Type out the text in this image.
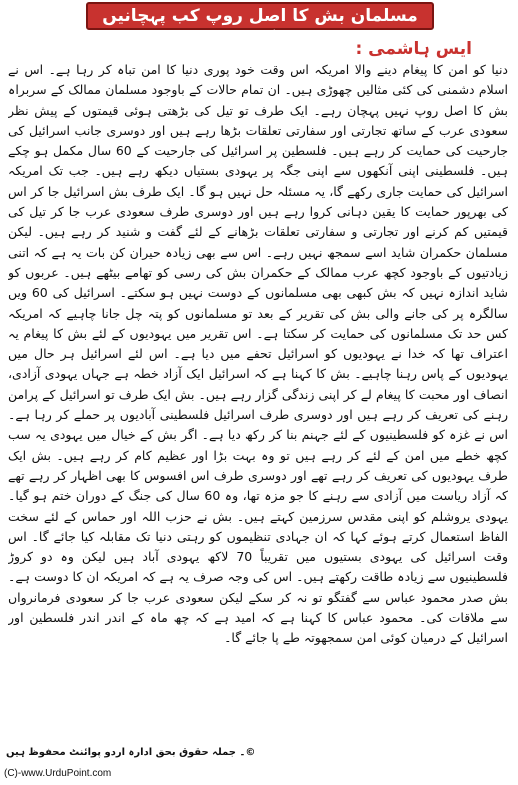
مسلمان بش کا اصل روپ کب پہچانیں گے؟	ایس ہاشمی :

دنیا کو امن کا پیغام دینے والا امریکہ اس وقت خود پوری دنیا کا امن تباہ کر رہا ہے۔ اس نے اسلام دشمنی کی کئی مثالیں چھوڑی ہیں۔ ان تمام حالات کے باوجود مسلمان ممالک کے سربراہ بش کا اصل روپ نہیں پہچان رہے۔ ایک طرف تو تیل کی بڑھتی ہوئی قیمتوں کے پیش نظر سعودی عرب کے ساتھ تجارتی اور سفارتی تعلقات بڑھا رہے ہیں اور دوسری جانب اسرائیل کی جارحیت کی حمایت کر رہے ہیں۔ فلسطین پر اسرائیل کی جارحیت کے 60 سال مکمل ہو چکے ہیں۔ فلسطینی اپنی آنکھوں سے اپنی جگہ پر یہودی بستیاں دیکھ رہے ہیں۔ جب تک امریکہ اسرائیل کی حمایت جاری رکھے گا، یہ مسئلہ حل نہیں ہو گا۔ ایک طرف بش اسرائیل جا کر اس کی بھرپور حمایت کا یقین دہانی کروا رہے ہیں اور دوسری طرف سعودی عرب جا کر تیل کی قیمتیں کم کرنے اور تجارتی و سفارتی تعلقات بڑھانے کے لئے گفت و شنید کر رہے ہیں۔ لیکن مسلمان حکمران شاید اسے سمجھ نہیں رہے۔ اس سے بھی زیادہ حیران کن بات یہ ہے کہ اتنی زیادتیوں کے باوجود کچھ عرب ممالک کے حکمران بش کی رسی کو تھامے بیٹھے ہیں۔ عربوں کو شاید اندازہ نہیں کہ بش کبھی بھی مسلمانوں کے دوست نہیں ہو سکتے۔ اسرائیل کی 60 ویں سالگرہ پر کی جانے والی بش کی تقریر کے بعد تو مسلمانوں کو پتہ چل جانا چاہیے کہ امریکہ کس حد تک مسلمانوں کی حمایت کر سکتا ہے۔ اس تقریر میں یہودیوں کے لئے بش کا پیغام یہ اعتراف تھا کہ خدا نے یہودیوں کو اسرائیل تحفے میں دیا ہے۔ اس لئے اسرائیل ہر حال میں یہودیوں کے پاس رہنا چاہیے۔ بش کا کہنا ہے کہ اسرائیل ایک آزاد خطہ ہے جہاں یہودی آزادی، انصاف اور محبت کا پیغام لے کر اپنی زندگی گزار رہے ہیں۔ بش ایک طرف تو اسرائیل کے پرامن رہنے کی تعریف کر رہے ہیں اور دوسری طرف اسرائیل فلسطینی آبادیوں پر حملے کر رہا ہے۔ اس نے غزہ کو فلسطینیوں کے لئے جہنم بنا کر رکھ دیا ہے۔ اگر بش کے خیال میں یہودی یہ سب کچھ خطے میں امن کے لئے کر رہے ہیں تو وہ بہت بڑا اور عظیم کام کر رہے ہیں۔ بش ایک طرف یہودیوں کی تعریف کر رہے تھے اور دوسری طرف اس افسوس کا بھی اظہار کر رہے تھے کہ آزاد ریاست میں آزادی سے رہنے کا جو مزہ تھا، وہ 60 سال کی جنگ کے دوران ختم ہو گیا۔ یہودی یروشلم کو اپنی مقدس سرزمین کہتے ہیں۔ بش نے حزب اللہ اور حماس کے لئے سخت الفاظ استعمال کرتے ہوئے کہا کہ ان جہادی تنظیموں کو رہتی دنیا تک مقابلہ کیا جائے گا۔ اس وقت اسرائیل کی یہودی بستیوں میں تقریباً 70 لاکھ یہودی آباد ہیں لیکن وہ دو کروڑ فلسطینیوں سے زیادہ طاقت رکھتے ہیں۔ اس کی وجہ صرف یہ ہے کہ امریکہ ان کا دوست ہے۔ بش صدر محمود عباس سے گفتگو تو نہ کر سکے لیکن سعودی عرب جا کر سعودی فرمانرواں سے ملاقات کی۔ محمود عباس کا کہنا ہے کہ امید ہے کہ چھ ماہ کے اندر اندر فلسطین اور اسرائیل کے درمیان کوئی امن سمجھوتہ طے پا جائے گا۔

©۔ جملہ حقوق بحق ادارہ اردو پوائنٹ محفوظ ہیں
(C)-www.UrduPoint.com
